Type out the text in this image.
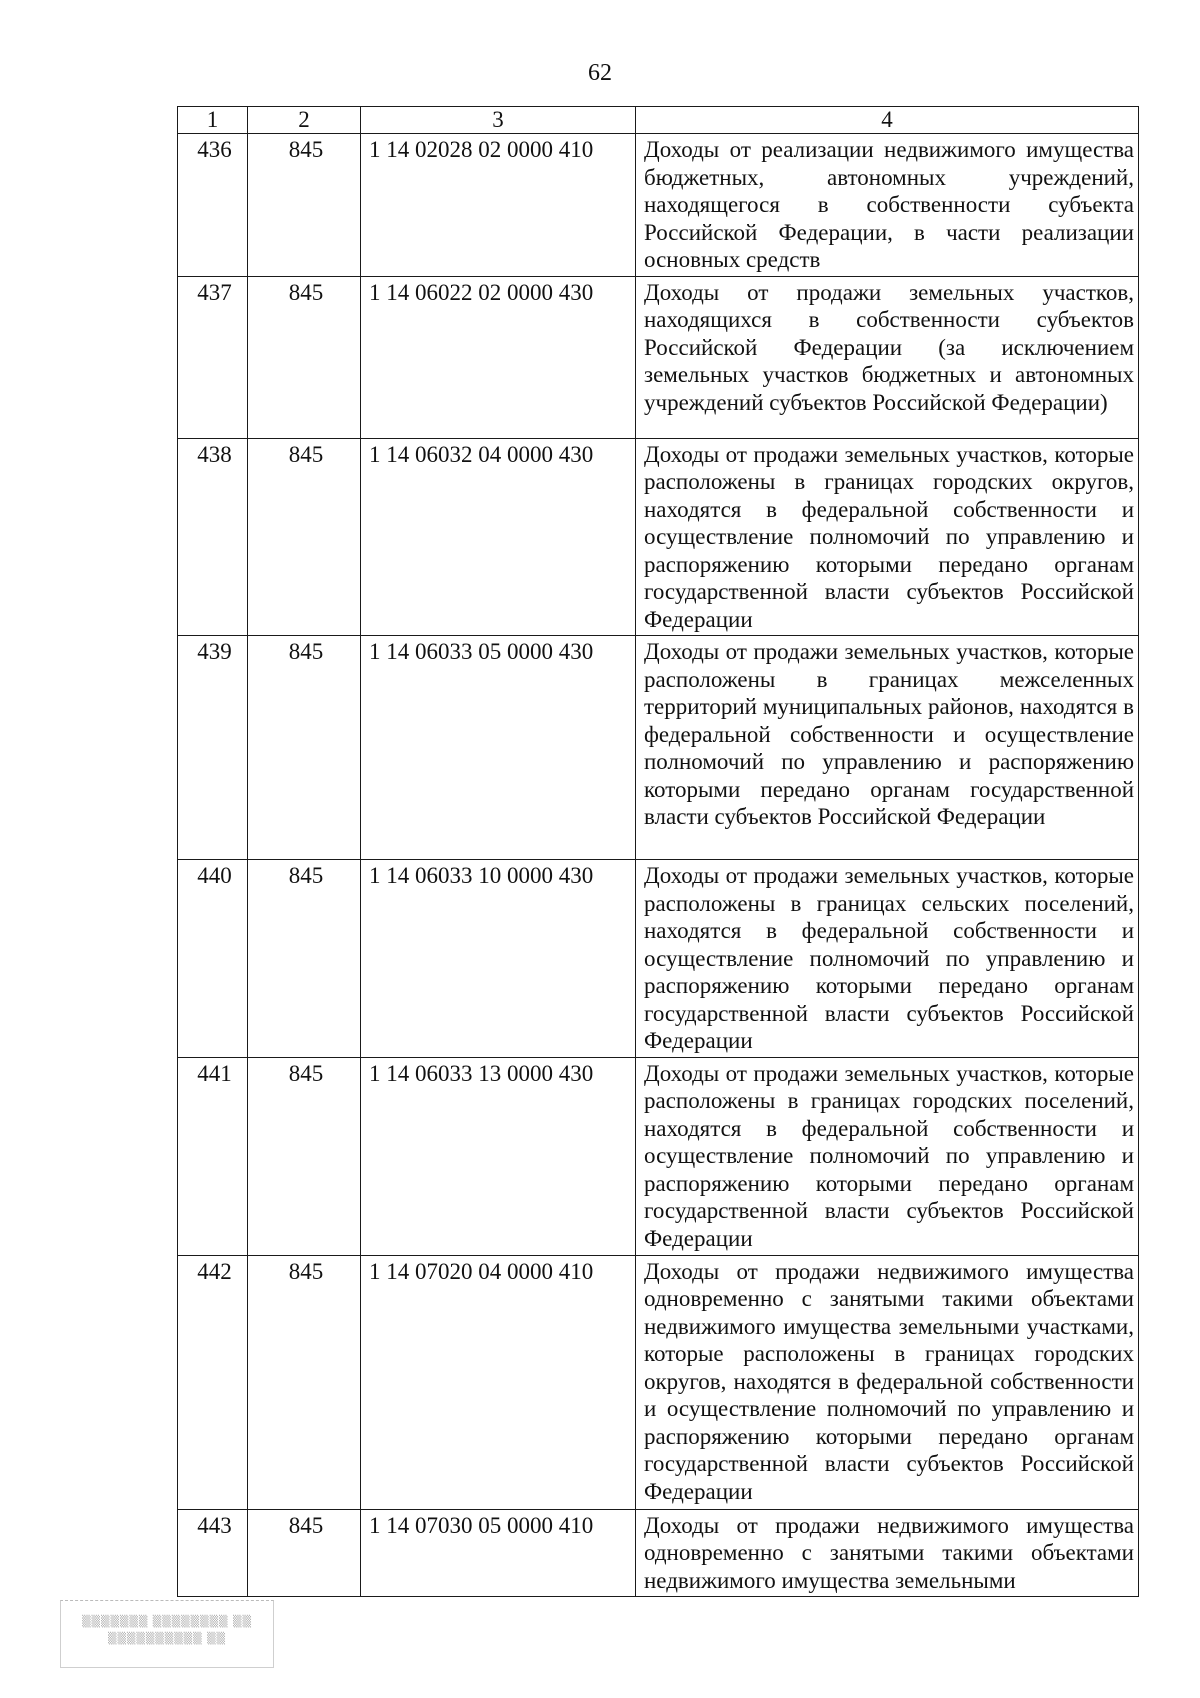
62
1	2	3	4
436	845	1 14 02028 02 0000 410	Доходы от реализации недвижимого имущества бюджетных, автономных учреждений, находящегося в собственности субъекта Российской Федерации, в части реализации основных средств
437	845	1 14 06022 02 0000 430	Доходы от продажи земельных участков, находящихся в собственности субъектов Российской Федерации (за исключением земельных участков бюджетных и автономных учреждений субъектов Российской Федерации)
438	845	1 14 06032 04 0000 430	Доходы от продажи земельных участков, которые расположены в границах городских округов, находятся в федеральной собственности и осуществление полномочий по управлению и распоряжению которыми передано органам государственной власти субъектов Российской Федерации
439	845	1 14 06033 05 0000 430	Доходы от продажи земельных участков, которые расположены в границах межселенных территорий муниципальных районов, находятся в федеральной собственности и осуществление полномочий по управлению и распоряжению которыми передано органам государственной власти субъектов Российской Федерации
440	845	1 14 06033 10 0000 430	Доходы от продажи земельных участков, которые расположены в границах сельских поселений, находятся в федеральной собственности и осуществление полномочий по управлению и распоряжению которыми передано органам государственной власти субъектов Российской Федерации
441	845	1 14 06033 13 0000 430	Доходы от продажи земельных участков, которые расположены в границах городских поселений, находятся в федеральной собственности и осуществление полномочий по управлению и распоряжению которыми передано органам государственной власти субъектов Российской Федерации
442	845	1 14 07020 04 0000 410	Доходы от продажи недвижимого имущества одновременно с занятыми такими объектами недвижимого имущества земельными участками, которые расположены в границах городских округов, находятся в федеральной собственности и осуществление полномочий по управлению и распоряжению которыми передано органам государственной власти субъектов Российской Федерации
443	845	1 14 07030 05 0000 410	Доходы от продажи недвижимого имущества одновременно с занятыми такими объектами недвижимого имущества земельными
▒▒▒▒▒▒▒ ▒▒▒▒▒▒▒▒ ▒▒
▒▒▒▒▒▒▒▒▒▒ ▒▒
